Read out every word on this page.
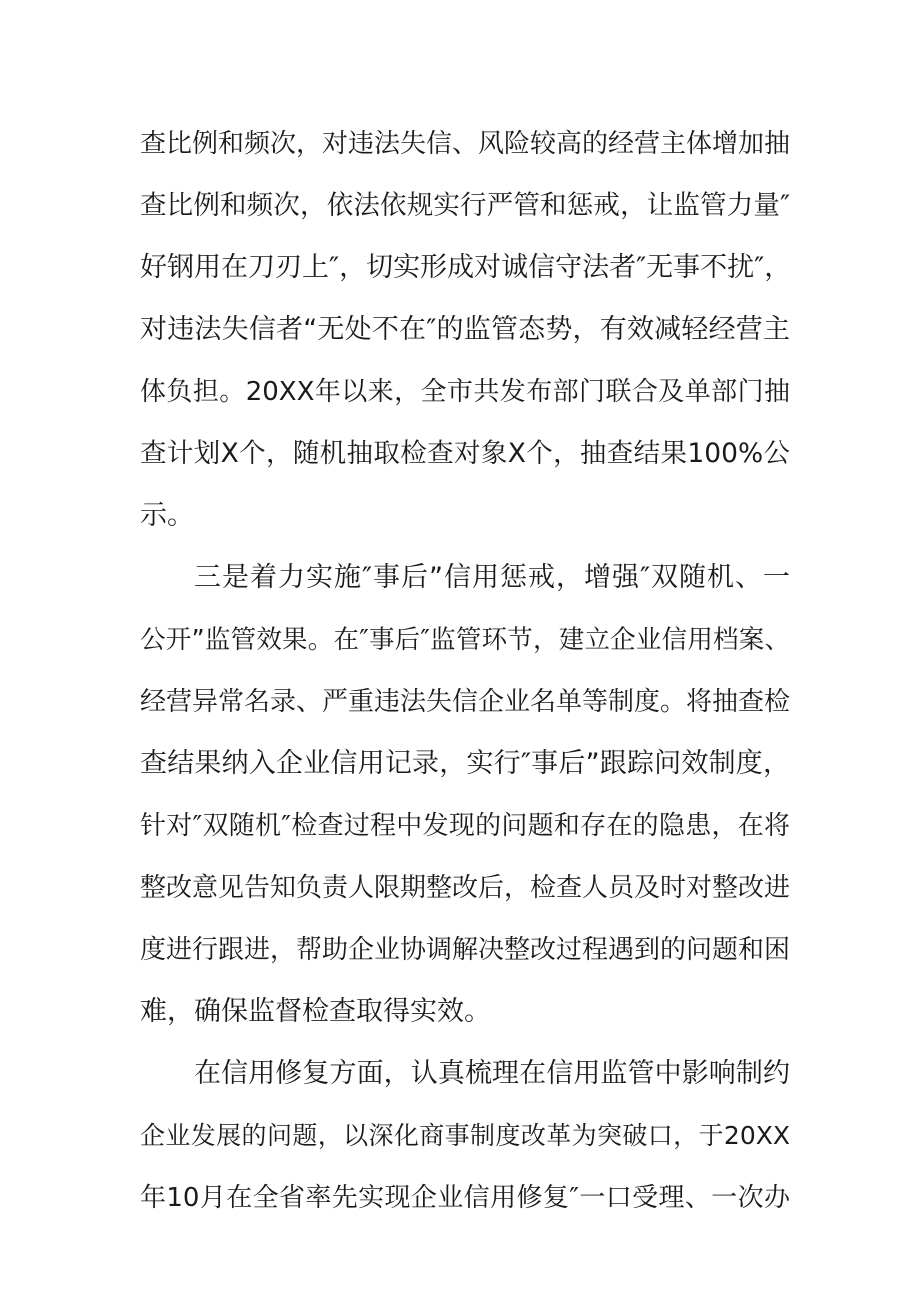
查比例和频次，对违法失信、风险较高的经营主体增加抽
查比例和频次，依法依规实行严管和惩戒，让监管力量″
好钢用在刀刃上″，切实形成对诚信守法者″无事不扰″，
对违法失信者“无处不在″的监管态势，有效减轻经营主
体负担。20XX年以来，全市共发布部门联合及单部门抽
查计划X个，随机抽取检查对象X个，抽查结果100%公
示。
三是着力实施″事后”信用惩戒，增强″双随机、一
公开”监管效果。在″事后″监管环节，建立企业信用档案、
经营异常名录、严重违法失信企业名单等制度。将抽查检
查结果纳入企业信用记录，实行″事后”跟踪问效制度，
针对″双随机″检查过程中发现的问题和存在的隐患，在将
整改意见告知负责人限期整改后，检查人员及时对整改进
度进行跟进，帮助企业协调解决整改过程遇到的问题和困
难，确保监督检查取得实效。
在信用修复方面，认真梳理在信用监管中影响制约
企业发展的问题，以深化商事制度改革为突破口，于20XX
年10月在全省率先实现企业信用修复″一口受理、一次办
